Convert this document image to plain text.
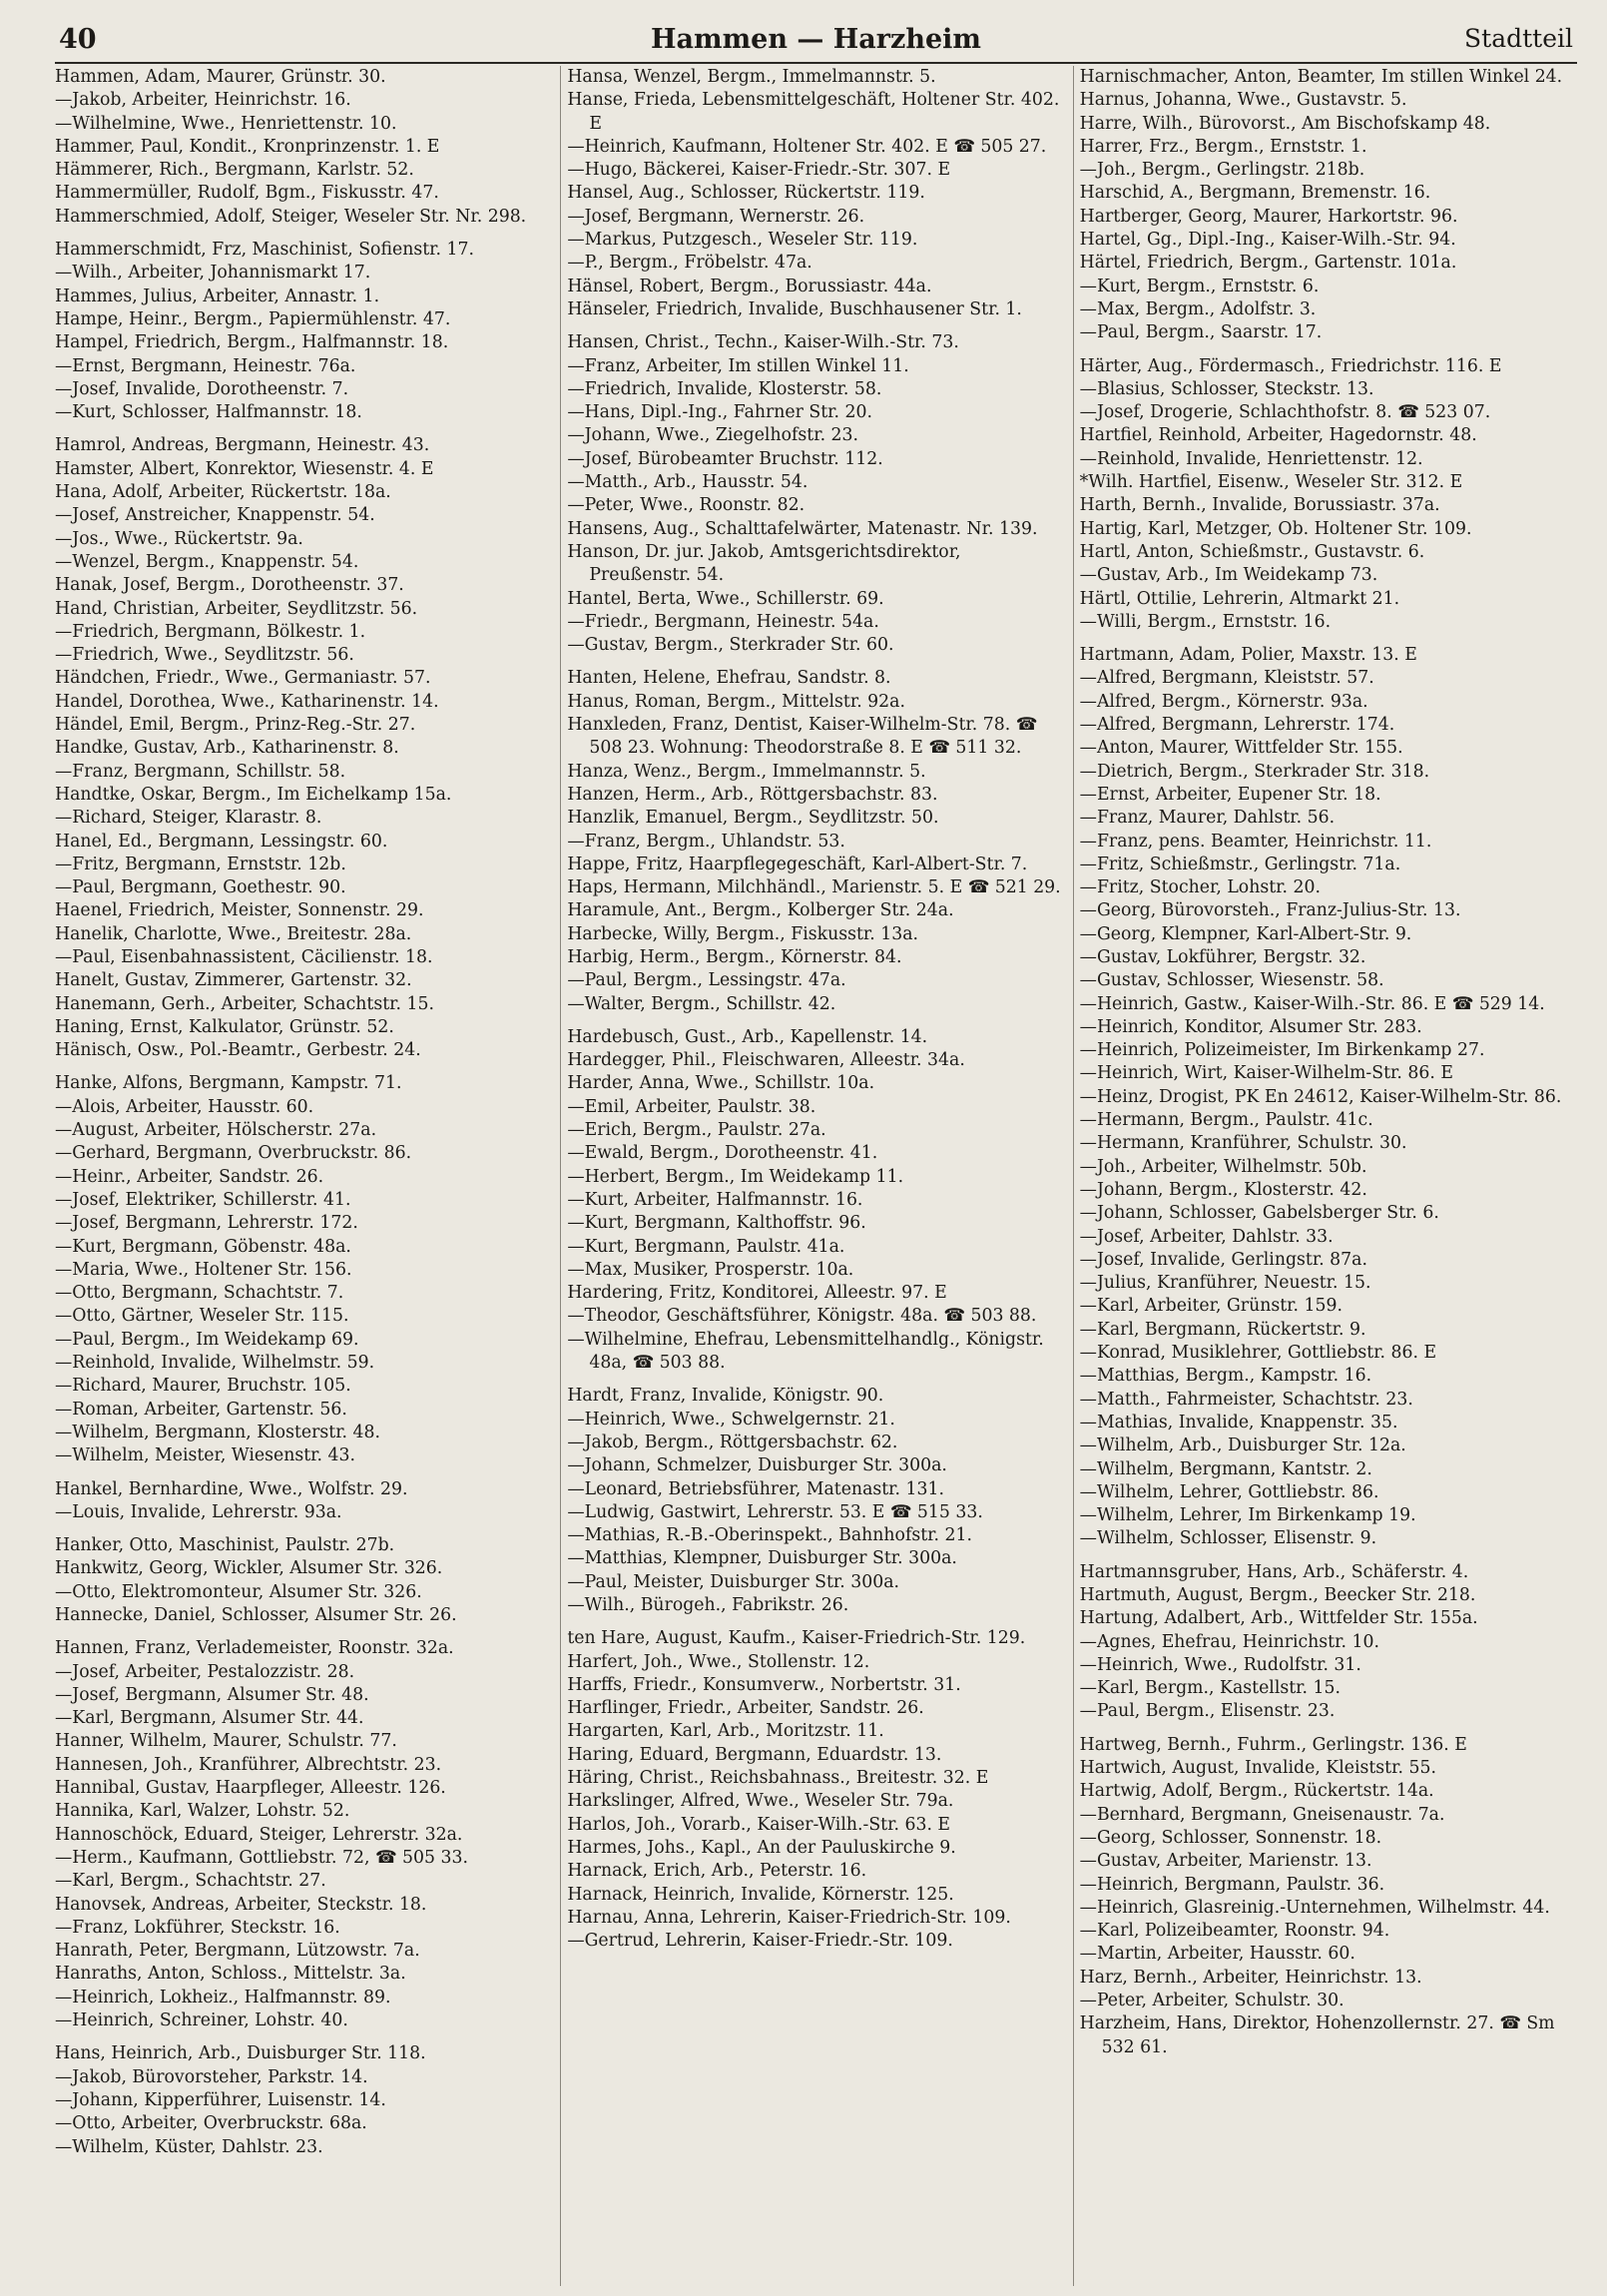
40	Hammen — Harzheim	Stadtteil
Hammen, Adam, Maurer, Grünstr. 30.
—Jakob, Arbeiter, Heinrichstr. 16.
—Wilhelmine, Wwe., Henriettenstr. 10.
Hammer, Paul, Kondit., Kronprinzenstr. 1. E
Hämmerer, Rich., Bergmann, Karlstr. 52.
Hammermüller, Rudolf, Bgm., Fiskusstr. 47.
Hammerschmied, Adolf, Steiger, Weseler Str. Nr. 298.
Hammerschmidt, Frz, Maschinist, Sofienstr. 17.
—Wilh., Arbeiter, Johannismarkt 17.
Hammes, Julius, Arbeiter, Annastr. 1.
Hampe, Heinr., Bergm., Papiermühlenstr. 47.
Hampel, Friedrich, Bergm., Halfmannstr. 18.
—Ernst, Bergmann, Heinestr. 76a.
—Josef, Invalide, Dorotheenstr. 7.
—Kurt, Schlosser, Halfmannstr. 18.
Hamrol, Andreas, Bergmann, Heinestr. 43.
Hamster, Albert, Konrektor, Wiesenstr. 4. E
Hana, Adolf, Arbeiter, Rückertstr. 18a.
—Josef, Anstreicher, Knappenstr. 54.
—Jos., Wwe., Rückertstr. 9a.
—Wenzel, Bergm., Knappenstr. 54.
Hanak, Josef, Bergm., Dorotheenstr. 37.
Hand, Christian, Arbeiter, Seydlitzstr. 56.
—Friedrich, Bergmann, Bölkestr. 1.
—Friedrich, Wwe., Seydlitzstr. 56.
Händchen, Friedr., Wwe., Germaniastr. 57.
Handel, Dorothea, Wwe., Katharinenstr. 14.
Händel, Emil, Bergm., Prinz-Reg.-Str. 27.
Handke, Gustav, Arb., Katharinenstr. 8.
—Franz, Bergmann, Schillstr. 58.
Handtke, Oskar, Bergm., Im Eichelkamp 15a.
—Richard, Steiger, Klarastr. 8.
Hanel, Ed., Bergmann, Lessingstr. 60.
—Fritz, Bergmann, Ernststr. 12b.
—Paul, Bergmann, Goethestr. 90.
Haenel, Friedrich, Meister, Sonnenstr. 29.
Hanelik, Charlotte, Wwe., Breitestr. 28a.
—Paul, Eisenbahnassistent, Cäcilienstr. 18.
Hanelt, Gustav, Zimmerer, Gartenstr. 32.
Hanemann, Gerh., Arbeiter, Schachtstr. 15.
Haning, Ernst, Kalkulator, Grünstr. 52.
Hänisch, Osw., Pol.-Beamtr., Gerbestr. 24.
Hanke, Alfons, Bergmann, Kampstr. 71.
—Alois, Arbeiter, Hausstr. 60.
—August, Arbeiter, Hölscherstr. 27a.
—Gerhard, Bergmann, Overbruckstr. 86.
—Heinr., Arbeiter, Sandstr. 26.
—Josef, Elektriker, Schillerstr. 41.
—Josef, Bergmann, Lehrerstr. 172.
—Kurt, Bergmann, Göbenstr. 48a.
—Maria, Wwe., Holtener Str. 156.
—Otto, Bergmann, Schachtstr. 7.
—Otto, Gärtner, Weseler Str. 115.
—Paul, Bergm., Im Weidekamp 69.
—Reinhold, Invalide, Wilhelmstr. 59.
—Richard, Maurer, Bruchstr. 105.
—Roman, Arbeiter, Gartenstr. 56.
—Wilhelm, Bergmann, Klosterstr. 48.
—Wilhelm, Meister, Wiesenstr. 43.
Hankel, Bernhardine, Wwe., Wolfstr. 29.
—Louis, Invalide, Lehrerstr. 93a.
Hanker, Otto, Maschinist, Paulstr. 27b.
Hankwitz, Georg, Wickler, Alsumer Str. 326.
—Otto, Elektromonteur, Alsumer Str. 326.
Hannecke, Daniel, Schlosser, Alsumer Str. 26.
Hannen, Franz, Verlademeister, Roonstr. 32a.
—Josef, Arbeiter, Pestalozzistr. 28.
—Josef, Bergmann, Alsumer Str. 48.
—Karl, Bergmann, Alsumer Str. 44.
Hanner, Wilhelm, Maurer, Schulstr. 77.
Hannesen, Joh., Kranführer, Albrechtstr. 23.
Hannibal, Gustav, Haarpfleger, Alleestr. 126.
Hannika, Karl, Walzer, Lohstr. 52.
Hannoschöck, Eduard, Steiger, Lehrerstr. 32a.
—Herm., Kaufmann, Gottliebstr. 72, ☎ 505 33.
—Karl, Bergm., Schachtstr. 27.
Hanovsek, Andreas, Arbeiter, Steckstr. 18.
—Franz, Lokführer, Steckstr. 16.
Hanrath, Peter, Bergmann, Lützowstr. 7a.
Hanraths, Anton, Schloss., Mittelstr. 3a.
—Heinrich, Lokheiz., Halfmannstr. 89.
—Heinrich, Schreiner, Lohstr. 40.
Hans, Heinrich, Arb., Duisburger Str. 118.
—Jakob, Bürovorsteher, Parkstr. 14.
—Johann, Kipperführer, Luisenstr. 14.
—Otto, Arbeiter, Overbruckstr. 68a.
—Wilhelm, Küster, Dahlstr. 23.
Hansa, Wenzel, Bergm., Immelmannstr. 5.
Hanse, Frieda, Lebensmittelgeschäft, Holtener Str. 402. E
—Heinrich, Kaufmann, Holtener Str. 402. E ☎ 505 27.
—Hugo, Bäckerei, Kaiser-Friedr.-Str. 307. E
Hansel, Aug., Schlosser, Rückertstr. 119.
—Josef, Bergmann, Wernerstr. 26.
—Markus, Putzgesch., Weseler Str. 119.
—P., Bergm., Fröbelstr. 47a.
Hänsel, Robert, Bergm., Borussiastr. 44a.
Hänseler, Friedrich, Invalide, Buschhausener Str. 1.
Hansen, Christ., Techn., Kaiser-Wilh.-Str. 73.
—Franz, Arbeiter, Im stillen Winkel 11.
—Friedrich, Invalide, Klosterstr. 58.
—Hans, Dipl.-Ing., Fahrner Str. 20.
—Johann, Wwe., Ziegelhofstr. 23.
—Josef, Bürobeamter Bruchstr. 112.
—Matth., Arb., Hausstr. 54.
—Peter, Wwe., Roonstr. 82.
Hansens, Aug., Schalttafelwärter, Matenastr. Nr. 139.
Hanson, Dr. jur. Jakob, Amtsgerichtsdirektor, Preußenstr. 54.
Hantel, Berta, Wwe., Schillerstr. 69.
—Friedr., Bergmann, Heinestr. 54a.
—Gustav, Bergm., Sterkrader Str. 60.
Hanten, Helene, Ehefrau, Sandstr. 8.
Hanus, Roman, Bergm., Mittelstr. 92a.
Hanxleden, Franz, Dentist, Kaiser-Wilhelm-Str. 78. ☎ 508 23. Wohnung: Theodorstraße 8. E ☎ 511 32.
Hanza, Wenz., Bergm., Immelmannstr. 5.
Hanzen, Herm., Arb., Röttgersbachstr. 83.
Hanzlik, Emanuel, Bergm., Seydlitzstr. 50.
—Franz, Bergm., Uhlandstr. 53.
Happe, Fritz, Haarpflegegeschäft, Karl-Albert-Str. 7.
Haps, Hermann, Milchhändl., Marienstr. 5. E ☎ 521 29.
Haramule, Ant., Bergm., Kolberger Str. 24a.
Harbecke, Willy, Bergm., Fiskusstr. 13a.
Harbig, Herm., Bergm., Körnerstr. 84.
—Paul, Bergm., Lessingstr. 47a.
—Walter, Bergm., Schillstr. 42.
Hardebusch, Gust., Arb., Kapellenstr. 14.
Hardegger, Phil., Fleischwaren, Alleestr. 34a.
Harder, Anna, Wwe., Schillstr. 10a.
—Emil, Arbeiter, Paulstr. 38.
—Erich, Bergm., Paulstr. 27a.
—Ewald, Bergm., Dorotheenstr. 41.
—Herbert, Bergm., Im Weidekamp 11.
—Kurt, Arbeiter, Halfmannstr. 16.
—Kurt, Bergmann, Kalthoffstr. 96.
—Kurt, Bergmann, Paulstr. 41a.
—Max, Musiker, Prosperstr. 10a.
Hardering, Fritz, Konditorei, Alleestr. 97. E
—Theodor, Geschäftsführer, Königstr. 48a. ☎ 503 88.
—Wilhelmine, Ehefrau, Lebensmittelhandlg., Königstr. 48a, ☎ 503 88.
Hardt, Franz, Invalide, Königstr. 90.
—Heinrich, Wwe., Schwelgernstr. 21.
—Jakob, Bergm., Röttgersbachstr. 62.
—Johann, Schmelzer, Duisburger Str. 300a.
—Leonard, Betriebsführer, Matenastr. 131.
—Ludwig, Gastwirt, Lehrerstr. 53. E ☎ 515 33.
—Mathias, R.-B.-Oberinspekt., Bahnhofstr. 21.
—Matthias, Klempner, Duisburger Str. 300a.
—Paul, Meister, Duisburger Str. 300a.
—Wilh., Bürogeh., Fabrikstr. 26.
ten Hare, August, Kaufm., Kaiser-Friedrich-Str. 129.
Harfert, Joh., Wwe., Stollenstr. 12.
Harffs, Friedr., Konsumverw., Norbertstr. 31.
Harflinger, Friedr., Arbeiter, Sandstr. 26.
Hargarten, Karl, Arb., Moritzstr. 11.
Haring, Eduard, Bergmann, Eduardstr. 13.
Häring, Christ., Reichsbahnass., Breitestr. 32. E
Harkslinger, Alfred, Wwe., Weseler Str. 79a.
Harlos, Joh., Vorarb., Kaiser-Wilh.-Str. 63. E
Harmes, Johs., Kapl., An der Pauluskirche 9.
Harnack, Erich, Arb., Peterstr. 16.
Harnack, Heinrich, Invalide, Körnerstr. 125.
Harnau, Anna, Lehrerin, Kaiser-Friedrich-Str. 109.
—Gertrud, Lehrerin, Kaiser-Friedr.-Str. 109.
Harnischmacher, Anton, Beamter, Im stillen Winkel 24.
Harnus, Johanna, Wwe., Gustavstr. 5.
Harre, Wilh., Bürovorst., Am Bischofskamp 48.
Harrer, Frz., Bergm., Ernststr. 1.
—Joh., Bergm., Gerlingstr. 218b.
Harschid, A., Bergmann, Bremenstr. 16.
Hartberger, Georg, Maurer, Harkortstr. 96.
Hartel, Gg., Dipl.-Ing., Kaiser-Wilh.-Str. 94.
Härtel, Friedrich, Bergm., Gartenstr. 101a.
—Kurt, Bergm., Ernststr. 6.
—Max, Bergm., Adolfstr. 3.
—Paul, Bergm., Saarstr. 17.
Härter, Aug., Fördermasch., Friedrichstr. 116. E
—Blasius, Schlosser, Steckstr. 13.
—Josef, Drogerie, Schlachthofstr. 8. ☎ 523 07.
Hartfiel, Reinhold, Arbeiter, Hagedornstr. 48.
—Reinhold, Invalide, Henriettenstr. 12.
*Wilh. Hartfiel, Eisenw., Weseler Str. 312. E
Harth, Bernh., Invalide, Borussiastr. 37a.
Hartig, Karl, Metzger, Ob. Holtener Str. 109.
Hartl, Anton, Schießmstr., Gustavstr. 6.
—Gustav, Arb., Im Weidekamp 73.
Härtl, Ottilie, Lehrerin, Altmarkt 21.
—Willi, Bergm., Ernststr. 16.
Hartmann, Adam, Polier, Maxstr. 13. E
—Alfred, Bergmann, Kleiststr. 57.
—Alfred, Bergm., Körnerstr. 93a.
—Alfred, Bergmann, Lehrerstr. 174.
—Anton, Maurer, Wittfelder Str. 155.
—Dietrich, Bergm., Sterkrader Str. 318.
—Ernst, Arbeiter, Eupener Str. 18.
—Franz, Maurer, Dahlstr. 56.
—Franz, pens. Beamter, Heinrichstr. 11.
—Fritz, Schießmstr., Gerlingstr. 71a.
—Fritz, Stocher, Lohstr. 20.
—Georg, Bürovorsteh., Franz-Julius-Str. 13.
—Georg, Klempner, Karl-Albert-Str. 9.
—Gustav, Lokführer, Bergstr. 32.
—Gustav, Schlosser, Wiesenstr. 58.
—Heinrich, Gastw., Kaiser-Wilh.-Str. 86. E ☎ 529 14.
—Heinrich, Konditor, Alsumer Str. 283.
—Heinrich, Polizeimeister, Im Birkenkamp 27.
—Heinrich, Wirt, Kaiser-Wilhelm-Str. 86. E
—Heinz, Drogist, PK En 24612, Kaiser-Wilhelm-Str. 86.
—Hermann, Bergm., Paulstr. 41c.
—Hermann, Kranführer, Schulstr. 30.
—Joh., Arbeiter, Wilhelmstr. 50b.
—Johann, Bergm., Klosterstr. 42.
—Johann, Schlosser, Gabelsberger Str. 6.
—Josef, Arbeiter, Dahlstr. 33.
—Josef, Invalide, Gerlingstr. 87a.
—Julius, Kranführer, Neuestr. 15.
—Karl, Arbeiter, Grünstr. 159.
—Karl, Bergmann, Rückertstr. 9.
—Konrad, Musiklehrer, Gottliebstr. 86. E
—Matthias, Bergm., Kampstr. 16.
—Matth., Fahrmeister, Schachtstr. 23.
—Mathias, Invalide, Knappenstr. 35.
—Wilhelm, Arb., Duisburger Str. 12a.
—Wilhelm, Bergmann, Kantstr. 2.
—Wilhelm, Lehrer, Gottliebstr. 86.
—Wilhelm, Lehrer, Im Birkenkamp 19.
—Wilhelm, Schlosser, Elisenstr. 9.
Hartmannsgruber, Hans, Arb., Schäferstr. 4.
Hartmuth, August, Bergm., Beecker Str. 218.
Hartung, Adalbert, Arb., Wittfelder Str. 155a.
—Agnes, Ehefrau, Heinrichstr. 10.
—Heinrich, Wwe., Rudolfstr. 31.
—Karl, Bergm., Kastellstr. 15.
—Paul, Bergm., Elisenstr. 23.
Hartweg, Bernh., Fuhrm., Gerlingstr. 136. E
Hartwich, August, Invalide, Kleiststr. 55.
Hartwig, Adolf, Bergm., Rückertstr. 14a.
—Bernhard, Bergmann, Gneisenaustr. 7a.
—Georg, Schlosser, Sonnenstr. 18.
—Gustav, Arbeiter, Marienstr. 13.
—Heinrich, Bergmann, Paulstr. 36.
—Heinrich, Glasreinig.-Unternehmen, Wilhelmstr. 44.
—Karl, Polizeibeamter, Roonstr. 94.
—Martin, Arbeiter, Hausstr. 60.
Harz, Bernh., Arbeiter, Heinrichstr. 13.
—Peter, Arbeiter, Schulstr. 30.
Harzheim, Hans, Direktor, Hohenzollernstr. 27. ☎ Sm 532 61.
